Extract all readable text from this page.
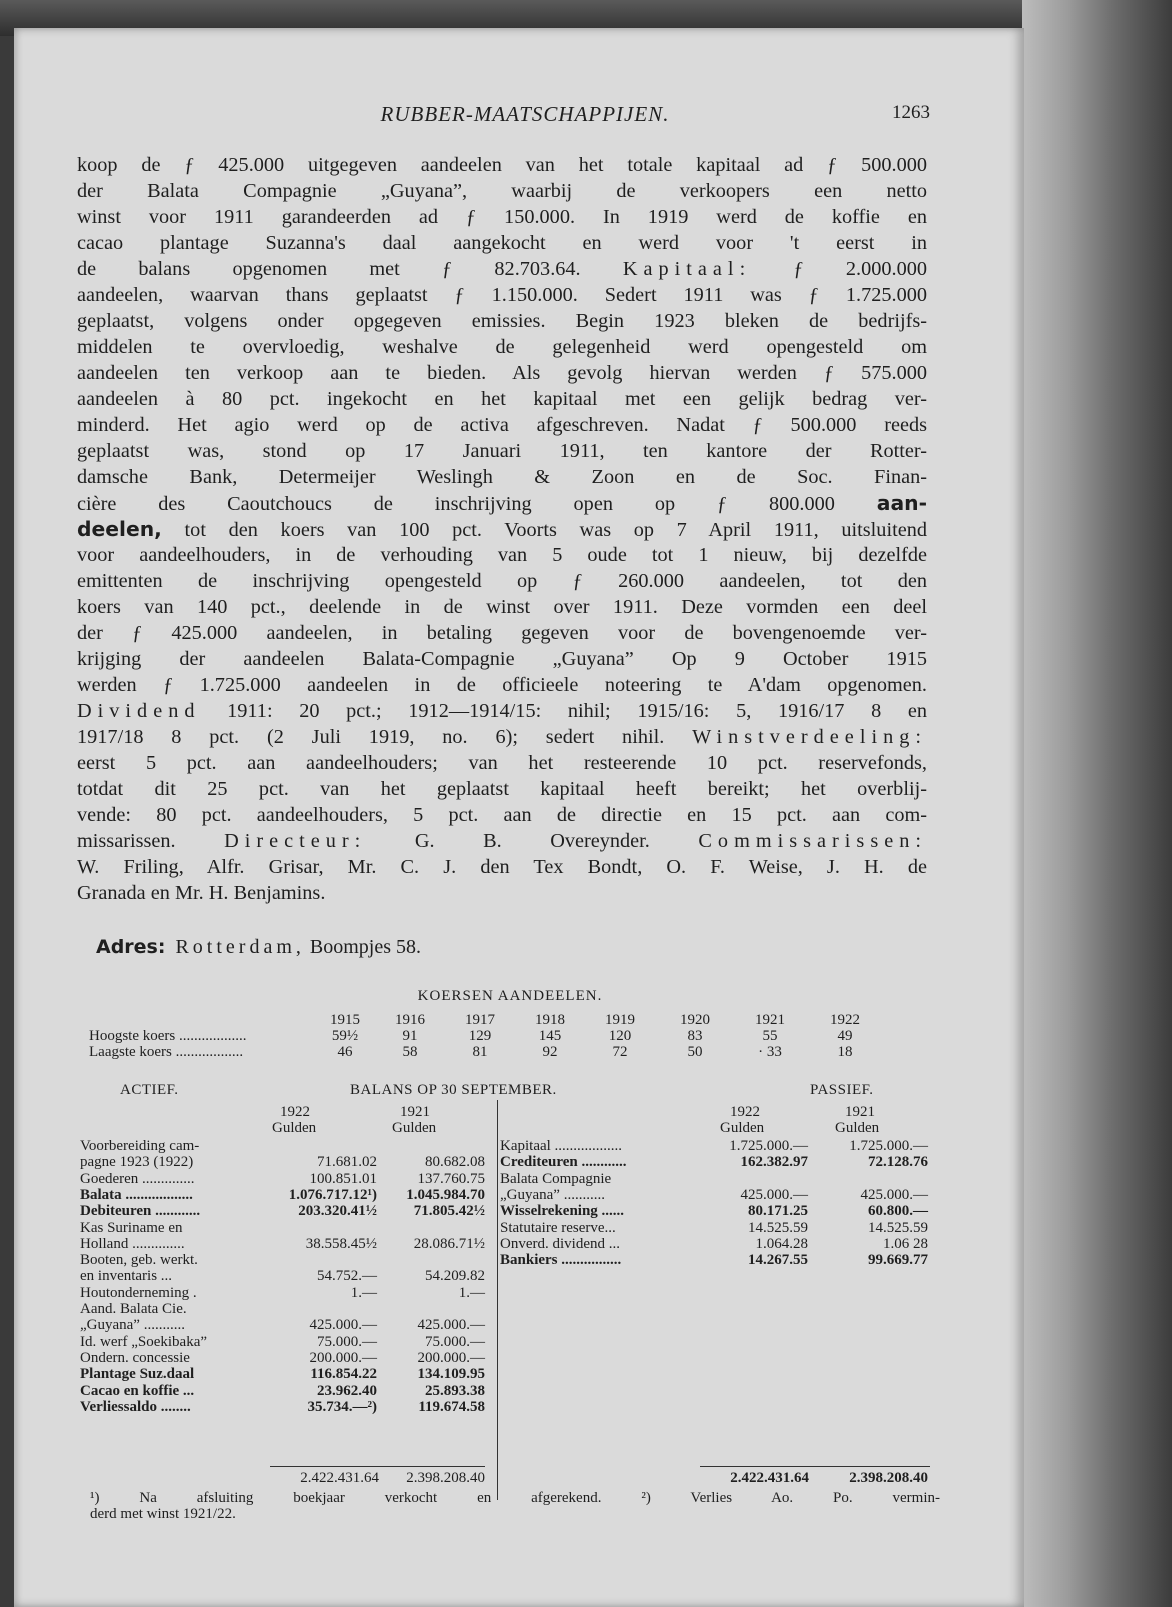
RUBBER-MAATSCHAPPIJEN.	1263
koop de ƒ 425.000 uitgegeven aandeelen van het totale kapitaal ad ƒ 500.000
der Balata Compagnie „Guyana”, waarbij de verkoopers een netto
winst voor 1911 garandeerden ad ƒ 150.000. In 1919 werd de koffie en
cacao plantage Suzanna's daal aangekocht en werd voor 't eerst in
de balans opgenomen met ƒ 82.703.64. Kapitaal: ƒ 2.000.000
aandeelen, waarvan thans geplaatst ƒ 1.150.000. Sedert 1911 was ƒ 1.725.000
geplaatst, volgens onder opgegeven emissies. Begin 1923 bleken de bedrijfs-
middelen te overvloedig, weshalve de gelegenheid werd opengesteld om
aandeelen ten verkoop aan te bieden. Als gevolg hiervan werden ƒ 575.000
aandeelen à 80 pct. ingekocht en het kapitaal met een gelijk bedrag ver-
minderd. Het agio werd op de activa afgeschreven. Nadat ƒ 500.000 reeds
geplaatst was, stond op 17 Januari 1911, ten kantore der Rotter-
damsche Bank, Determeijer Weslingh & Zoon en de Soc. Finan-
cière des Caoutchoucs de inschrijving open op ƒ 800.000 aan-
deelen, tot den koers van 100 pct. Voorts was op 7 April 1911, uitsluitend
voor aandeelhouders, in de verhouding van 5 oude tot 1 nieuw, bij dezelfde
emittenten de inschrijving opengesteld op ƒ 260.000 aandeelen, tot den
koers van 140 pct., deelende in de winst over 1911. Deze vormden een deel
der ƒ 425.000 aandeelen, in betaling gegeven voor de bovengenoemde ver-
krijging der aandeelen Balata-Compagnie „Guyana” Op 9 October 1915
werden ƒ 1.725.000 aandeelen in de officieele noteering te A'dam opgenomen.
Dividend 1911: 20 pct.; 1912—1914/15: nihil; 1915/16: 5, 1916/17 8 en
1917/18 8 pct. (2 Juli 1919, no. 6); sedert nihil. Winstverdeeling:
eerst 5 pct. aan aandeelhouders; van het resteerende 10 pct. reservefonds,
totdat dit 25 pct. van het geplaatst kapitaal heeft bereikt; het overblij-
vende: 80 pct. aandeelhouders, 5 pct. aan de directie en 15 pct. aan com-
missarissen. Directeur: G. B. Overeynder. Commissarissen:
W. Friling, Alfr. Grisar, Mr. C. J. den Tex Bondt, O. F. Weise, J. H. de
Granada en Mr. H. Benjamins.
Adres: Rotterdam, Boompjes 58.
KOERSEN AANDEELEN.
1915	1916	1917	1918	1919	1920	1921	1922
Hoogste koers ..................	59½	91	129	145	120	83	55	49
Laagste koers ..................	46	58	81	92	72	50	· 33	18
ACTIEF.	BALANS OP 30 SEPTEMBER.	PASSIEF.
1922
Gulden
1921
Gulden
1922
Gulden
1921
Gulden
Voorbereiding cam-
pagne 1923 (1922)	71.681.02	80.682.08
Goederen ..............	100.851.01	137.760.75
Balata ..................	1.076.717.12¹)	1.045.984.70
Debiteuren ............	203.320.41½	71.805.42½
Kas Suriname en
Holland ..............	38.558.45½	28.086.71½
Booten, geb. werkt.
en inventaris ...	54.752.—	54.209.82
Houtonderneming .	1.—	1.—
Aand. Balata Cie.
„Guyana” ...........	425.000.—	425.000.—
Id. werf „Soekibaka”	75.000.—	75.000.—
Ondern. concessie	200.000.—	200.000.—
Plantage Suz.daal	116.854.22	134.109.95
Cacao en koffie ...	23.962.40	25.893.38
Verliessaldo ........	35.734.—²)	119.674.58
Kapitaal ..................	1.725.000.—	1.725.000.—
Crediteuren ............	162.382.97	72.128.76
Balata Compagnie
„Guyana” ...........	425.000.—	425.000.—
Wisselrekening ......	80.171.25	60.800.—
Statutaire reserve...	14.525.59	14.525.59
Onverd. dividend ...	1.064.28	1.06 28
Bankiers ................	14.267.55	99.669.77
2.422.431.64	2.398.208.40	2.422.431.64	2.398.208.40
¹) Na afsluiting boekjaar verkocht en afgerekend. ²) Verlies Ao. Po. vermin-
derd met winst 1921/22.
